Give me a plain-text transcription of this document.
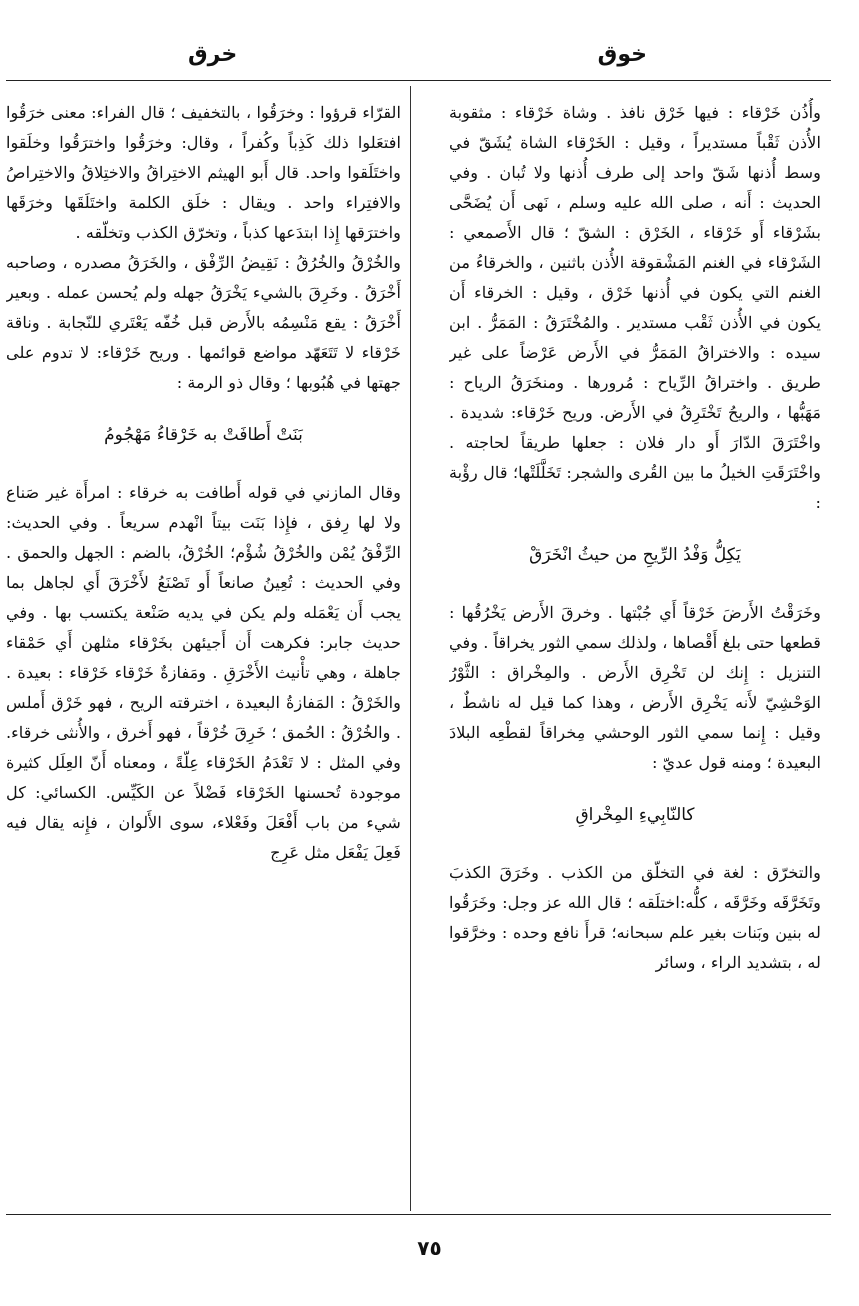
خوق
خرق

وأُذُن خَرْقاء : فيها خَرْق نافذ . وشاة خَرْقاء : مثقوبة الأُذن ثَقْباً مستديراً ، وقيل : الخَرْقاء الشاة يُشَقّ في وسط أُذنها شَقّ واحد إلى طرف أُذنها ولا تُبان . وفي الحديث : أَنه ، صلى الله عليه وسلم ، نَهى أَن يُضَحَّى بشَرْقاء أَو خَرْقاء ، الخَرْق : الشقّ ؛ قال الأَصمعي : الشَرْقاء في الغنم المَشْقوقة الأُذن باثنين ، والخرقاءُ من الغنم التي يكون في أُذنها خَرْق ، وقيل : الخرقاء أَن يكون في الأُذن ثَقْب مستدير . والمُخْتَرَقُ : المَمَرُّ . ابن سيده : والاختراقُ المَمَرُّ في الأَرض عَرْضاً على غير طريق . واختراقُ الرِّياح : مُرورها . ومنخَرَقُ الرياح : مَهَبُّها ، والريحُ تَخْتَرِقُ في الأَرض. وريح خَرْقاء: شديدة . واخْتَرَقَ الدّارَ أَو دار فلان : جعلها طريقاً لحاجته . واخْتَرَقَتِ الخيلُ ما بين القُرى والشجر: تَخَلَّلَتْها؛ قال رؤْبة :

يَكِلُّ وَفْدُ الرِّيحِ من حيثُ انْخَرَقْ

وخَرَقْتُ الأَرضَ خَرْقاً أَي جُبْتها . وخرقَ الأَرض يَخْرُقُها : قطعها حتى بلغ أَقْصاها ، ولذلك سمي الثور يخراقاً . وفي التنزيل : إِنك لن تَخْرِق الأَرض . والمِخْراق : الثَّوْرُ الوَحْشِيّ لأَنه يَخْرِق الأَرض ، وهذا كما قيل له ناشطٌ ، وقيل : إِنما سمي الثور الوحشي مِخراقاً لقطْعِه البلادَ البعيدة ؛ ومنه قول عديّ :

كالنّابِيءِ المِخْراقِ

والتخرّق : لغة في التخلّق من الكذب . وخَرَقَ الكذبَ وتَخَرَّقَه وخَرَّقَه ، كلُّه:اختلَقه ؛ قال الله عز وجل: وخَرَقُوا له بنين وبَنات بغير علم سبحانه؛ قرأَ نافع وحده : وخرَّقوا له ، بتشديد الراء ، وسائر

القرّاء قرؤوا : وخرَقُوا ، بالتخفيف ؛ قال الفراء: معنى خرَقُوا افتعَلوا ذلك كَذِباً وكُفراً ، وقال: وخرَقُوا واخترَقُوا وخلَقوا واختَلَقوا واحد. قال أَبو الهيثم الاختِراقُ والاختِلاقُ والاختِراصُ والافتِراء واحد . ويقال : خلَق الكلمة واختَلَقَها وخرَقَها واخترَقها إِذا ابتدَعها كذباً ، وتخرّق الكذب وتخلّقه .

والخُرْقُ والخُرُقُ : نَقِيضُ الرِّفْق ، والخَرَقُ مصدره ، وصاحبه أَخْرَقُ . وخَرِقَ بالشيء يَخْرَقُ جهله ولم يُحسن عمله . وبعير أَخْرَقُ : يقع مَنْسِمُه بالأَرض قبل خُفّه يَعْتَري للنّجابة . وناقة خَرْقاء لا تَتَعَهّد مواضع قوائمها . وريح خَرْقاء: لا تدوم على جهتها في هُبُوبها ؛ وقال ذو الرمة :

بَنَتْ أَطافَتْ به خَرْقاءُ مَهْجُومُ

وقال المازني في قوله أَطافت به خرقاء : امرأَة غير صَناع ولا لها رِفق ، فإِذا بَنَت بيتاً انْهدم سريعاً . وفي الحديث: الرِّفْقُ يُمْن والخُرْقُ شُؤْم؛ الخُرْقُ، بالضم : الجهل والحمق . وفي الحديث : تُعِينُ صانعاً أَو تَصْنَعُ لأَخْرَقَ أَي لجاهل بما يجب أَن يَعْمَله ولم يكن في يديه صَنْعة يكتسب بها . وفي حديث جابر: فكرهت أَن أَجيئهن بخَرْقاء مثلهن أَي حَمْقاء جاهلة ، وهي تأْنيث الأَخْرَقِ . ومَفازةٌ خَرْقاء خَرْقاء : بعيدة . والخَرْقُ : المَفازةُ البعيدة ، اخترقته الريح ، فهو خَرْق أَملس . والخُرْقُ : الحُمق ؛ خَرِقَ خُرْقاً ، فهو أَخرق ، والأُنثى خرقاء. وفي المثل : لا تَعْدَمُ الخَرْقاء عِلّةً ، ومعناه أَنّ العِلَل كثيرة موجودة تُحسنها الخَرْقاء فَضْلاً عن الكَيِّس. الكسائي: كل شيء من باب أَفْعَلَ وفَعْلاء، سوى الأَلوان ، فإِنه يقال فيه فَعِلَ يَفْعَل مثل عَرِج

٧٥
